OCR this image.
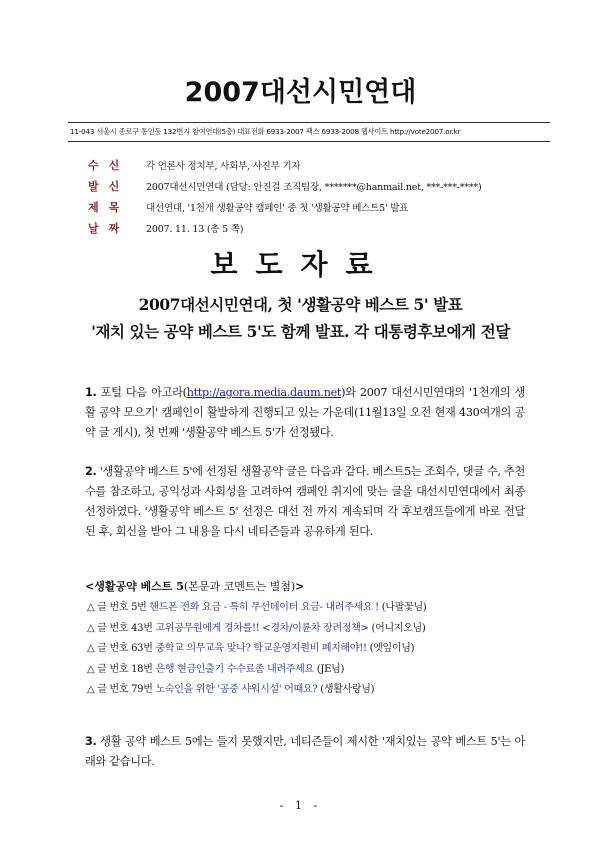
2007대선시민연대
11-043 서울시 종로구 통인동 132번지 참여연대(5층) 대표전화 6933-2007 팩스 6933-2008 웹사이트 http://vote2007.or.kr
수신	각 언론사 정치부, 사회부, 사진부 기자
발신	2007대선시민연대 (담당: 안진걸 조직팀장, *******@hanmail.net, ***-***-****)
제목	대선연대, '1천개 생활공약 캠페인' 중 첫 '생활공약 베스트5' 발표
날짜	2007. 11. 13 (총 5 쪽)
보도자료
2007대선시민연대, 첫 '생활공약 베스트 5' 발표
'재치 있는 공약 베스트 5'도 함께 발표. 각 대통령후보에게 전달
1. 포털 다음 아고라(http://agora.media.daum.net)와 2007 대선시민연대의 '1천개의 생활 공약 모으기' 캠페인이 활발하게 진행되고 있는 가운데(11월13일 오전 현재 430여개의 공약 글 게시), 첫 번째 '생활공약 베스트 5'가 선정됐다.
2. '생활공약 베스트 5'에 선정된 생활공약 글은 다음과 같다. 베스트5는 조회수, 댓글 수, 추천 수를 참조하고, 공익성과 사회성을 고려하여 캠페인 취지에 맞는 글을 대선시민연대에서 최종 선정하였다. '생활공약 베스트 5' 선정은 대선 전 까지 계속되며 각 후보캠프들에게 바로 전달된 후, 회신을 받아 그 내용을 다시 네티즌들과 공유하게 된다.
<생활공약 베스트 5(본문과 코멘트는 별첨)>
△ 글 번호 5번 핸드폰 전화 요금 - 특히 무선데이터 요금- 내려주세요 ! (나팔꽃님)
△ 글 번호 43번 고위공무원에게 경차를!! <경차/이륜차 장려정책> (어니지오님)
△ 글 번호 63번 중학교 의무교육 맞나? 학교운영지원비 폐지해야!! (엣잎이님)
△ 글 번호 18번 은행 현금인출기 수수료좀 내려주세요 (JE님)
△ 글 번호 79번 노숙인을 위한 '공중 샤워시설' 어때요? (생활사랑님)
3. 생활 공약 베스트 5에는 들지 못했지만, 네티즌들이 제시한 '재치있는 공약 베스트 5'는 아래와 같습니다.
- 1 -
